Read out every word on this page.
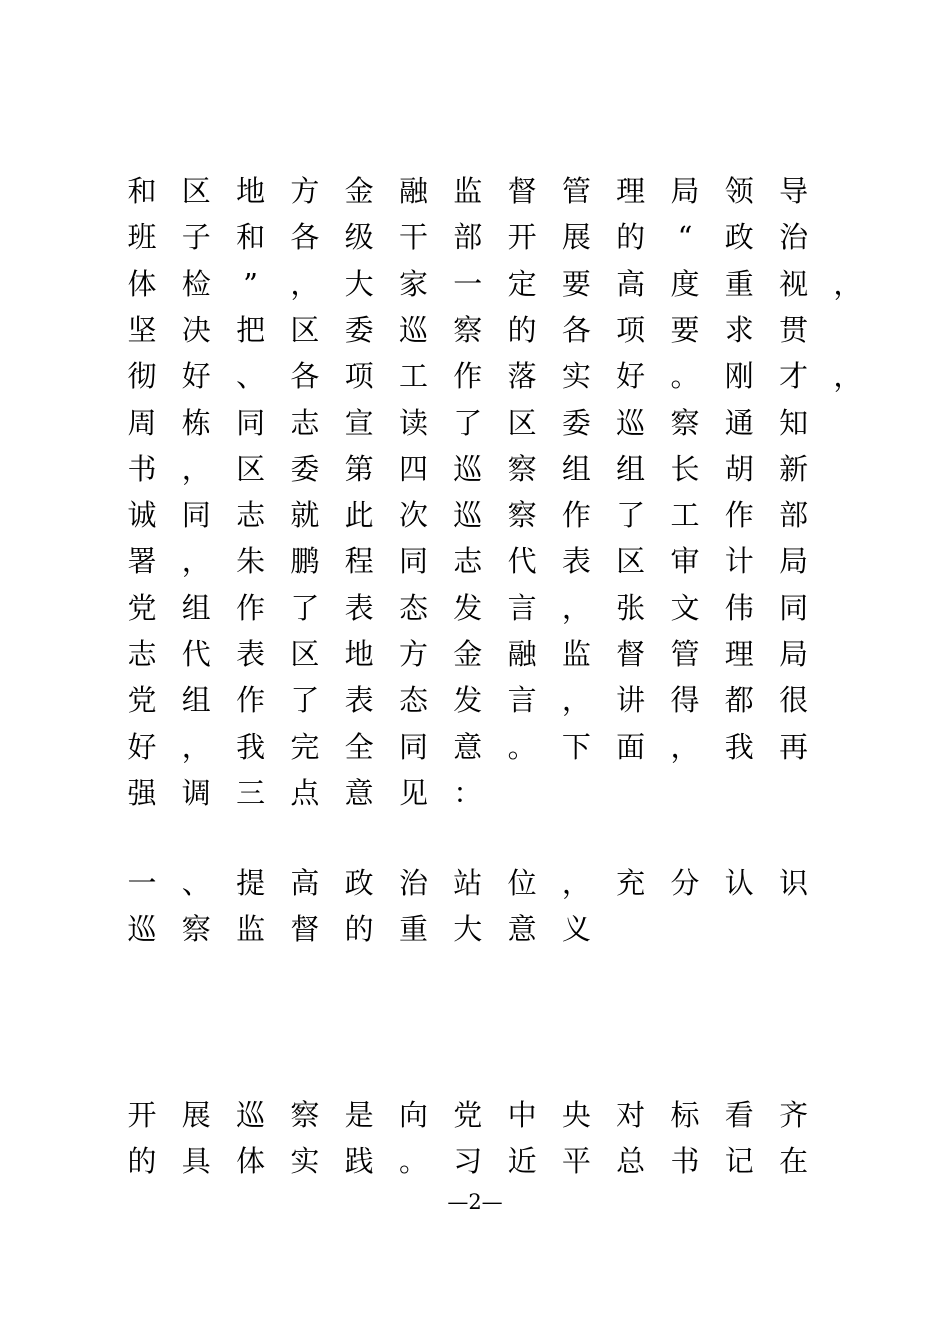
和 区 地 方 金 融 监 督 管 理 局 领 导
班 子 和 各 级 干 部 开 展 的	“	政 治
体 检	”	， 大 家 一 定 要 高 度 重 视 ，
坚 决 把 区 委 巡 察 的 各 项 要 求 贯
彻 好 、 各 项 工 作 落 实 好 。 刚 才 ，
周 栋 同 志 宣 读 了 区 委 巡 察 通 知
书 ， 区 委 第 四 巡 察 组 组 长 胡 新
诚 同 志 就 此 次 巡 察 作 了 工 作 部
署 ， 朱 鹏 程 同 志 代 表 区 审 计 局
党 组 作 了 表 态 发 言 ， 张 文 伟 同
志 代 表 区 地 方 金 融 监 督 管 理 局
党 组 作 了 表 态 发 言 ， 讲 得 都 很
好 ， 我 完 全 同 意 。 下 面 ， 我 再
强 调 三 点 意 见 ：
一 、 提 高 政 治 站 位 ， 充 分 认 识
巡 察 监 督 的 重 大 意 义
开 展 巡 察 是 向 党 中 央 对 标 看 齐
的 具 体 实 践 。 习 近 平 总 书 记 在
—2—
